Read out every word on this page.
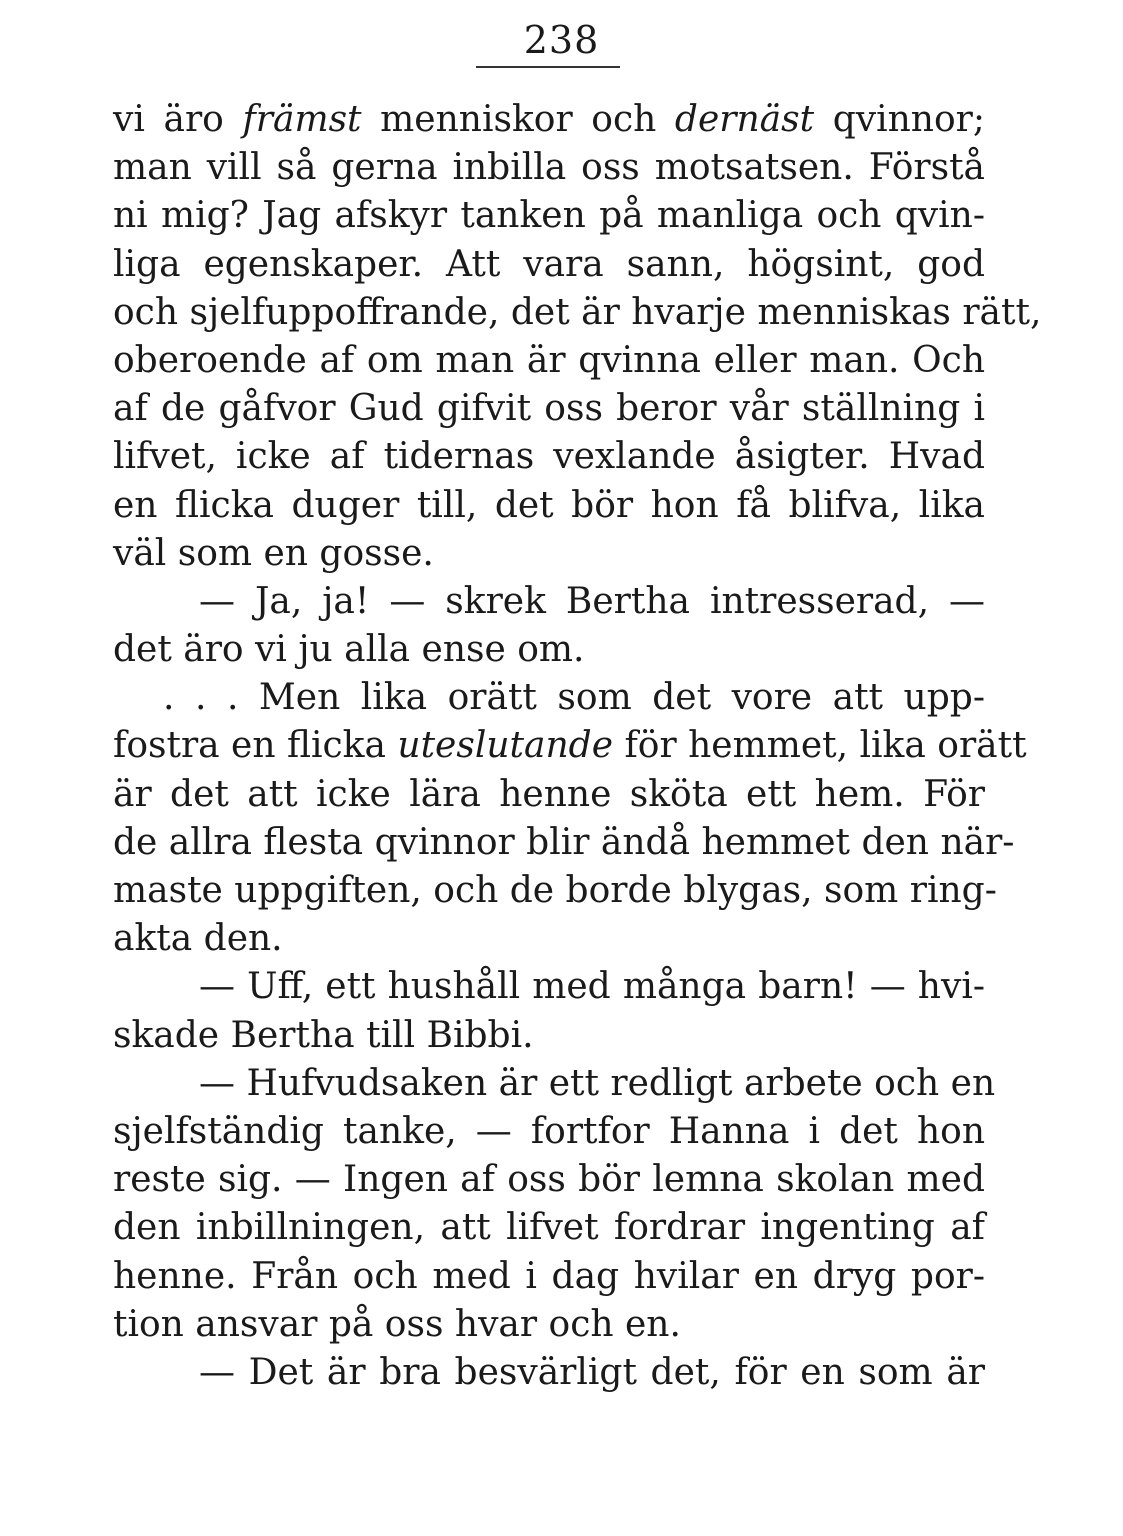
238
vi äro främst menniskor och dernäst qvinnor;
man vill så gerna inbilla oss motsatsen. Förstå
ni mig? Jag afskyr tanken på manliga och qvin-
liga egenskaper. Att vara sann, högsint, god
och sjelfuppoffrande, det är hvarje menniskas rätt,
oberoende af om man är qvinna eller man. Och
af de gåfvor Gud gifvit oss beror vår ställning i
lifvet, icke af tidernas vexlande åsigter. Hvad
en flicka duger till, det bör hon få blifva, lika
väl som en gosse.
— Ja, ja! — skrek Bertha intresserad, —
det äro vi ju alla ense om.
. . . Men lika orätt som det vore att upp-
fostra en flicka uteslutande för hemmet, lika orätt
är det att icke lära henne sköta ett hem. För
de allra flesta qvinnor blir ändå hemmet den när-
maste uppgiften, och de borde blygas, som ring-
akta den.
— Uff, ett hushåll med många barn! — hvi-
skade Bertha till Bibbi.
— Hufvudsaken är ett redligt arbete och en
sjelfständig tanke, — fortfor Hanna i det hon
reste sig. — Ingen af oss bör lemna skolan med
den inbillningen, att lifvet fordrar ingenting af
henne. Från och med i dag hvilar en dryg por-
tion ansvar på oss hvar och en.
— Det är bra besvärligt det, för en som är
